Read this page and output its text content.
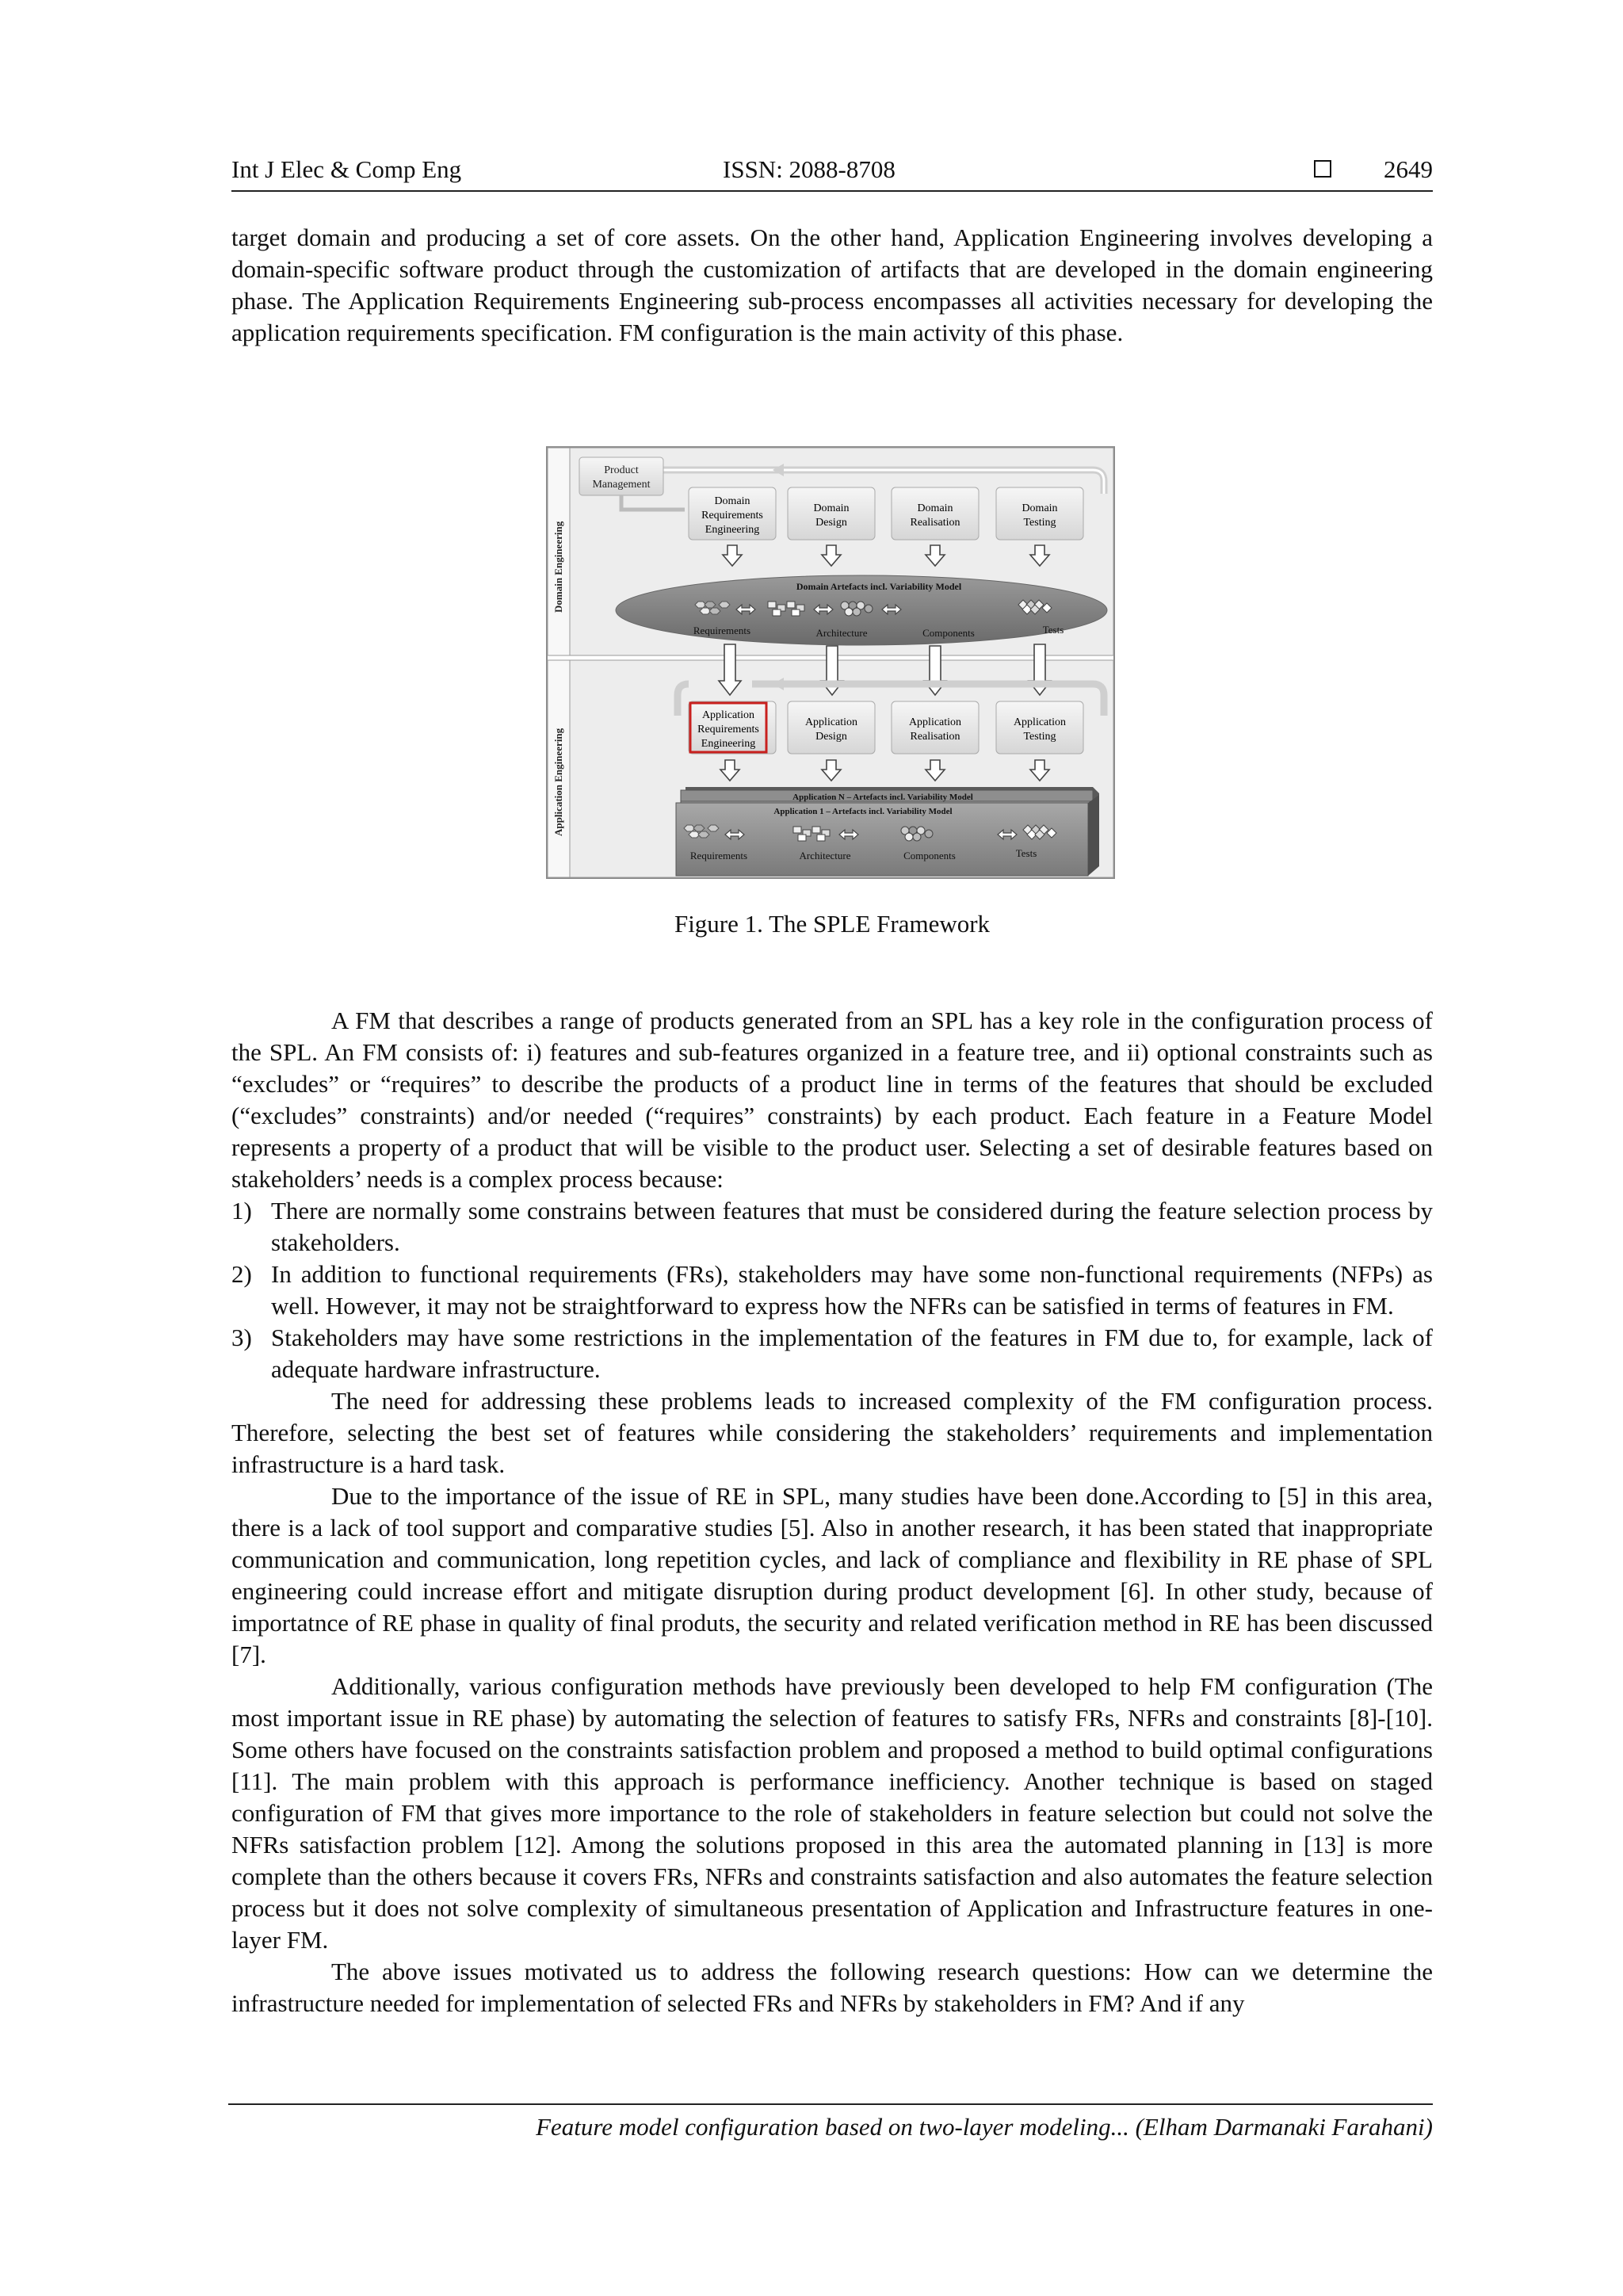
Int J Elec & Comp Eng	ISSN: 2088-8708	2649

target domain and producing a set of core assets. On the other hand, Application Engineering involves developing a domain-specific software product through the customization of artifacts that are developed in the domain engineering phase. The Application Requirements Engineering sub-process encompasses all activities necessary for developing the application requirements specification. FM configuration is the main activity of this phase.

Domain Engineering
Product
Management
Domain
Requirements
Engineering
Domain
Design
Domain
Realisation
Domain
Testing
Domain Artefacts incl. Variability Model
Requirements	Architecture	Components	Tests
Application Engineering
Application
Requirements
Engineering
Application
Design
Application
Realisation
Application
Testing
Application N – Artefacts incl. Variability Model
Application 1 – Artefacts incl. Variability Model
Requirements	Architecture	Components	Tests
Figure 1. The SPLE Framework

A FM that describes a range of products generated from an SPL has a key role in the configuration process of the SPL. An FM consists of: i) features and sub-features organized in a feature tree, and ii) optional constraints such as “excludes” or “requires” to describe the products of a product line in terms of the features that should be excluded (“excludes” constraints) and/or needed (“requires” constraints) by each product. Each feature in a Feature Model represents a property of a product that will be visible to the product user. Selecting a set of desirable features based on stakeholders’ needs is a complex process because:

1) There are normally some constrains between features that must be considered during the feature selection process by stakeholders.
2) In addition to functional requirements (FRs), stakeholders may have some non-functional requirements (NFPs) as well. However, it may not be straightforward to express how the NFRs can be satisfied in terms of features in FM.
3) Stakeholders may have some restrictions in the implementation of the features in FM due to, for example, lack of adequate hardware infrastructure.

The need for addressing these problems leads to increased complexity of the FM configuration process. Therefore, selecting the best set of features while considering the stakeholders’ requirements and implementation infrastructure is a hard task.

Due to the importance of the issue of RE in SPL, many studies have been done.According to [5] in this area, there is a lack of tool support and comparative studies [5]. Also in another research, it has been stated that inappropriate communication and communication, long repetition cycles, and lack of compliance and flexibility in RE phase of SPL engineering could increase effort and mitigate disruption during product development [6]. In other study, because of importatnce of RE phase in quality of final produts, the security and related verification method in RE has been discussed [7].

Additionally, various configuration methods have previously been developed to help FM configuration (The most important issue in RE phase) by automating the selection of features to satisfy FRs, NFRs and constraints [8]-[10]. Some others have focused on the constraints satisfaction problem and proposed a method to build optimal configurations [11]. The main problem with this approach is performance inefficiency. Another technique is based on staged configuration of FM that gives more importance to the role of stakeholders in feature selection but could not solve the NFRs satisfaction problem [12]. Among the solutions proposed in this area the automated planning in [13] is more complete than the others because it covers FRs, NFRs and constraints satisfaction and also automates the feature selection process but it does not solve complexity of simultaneous presentation of Application and Infrastructure features in one-layer FM.

The above issues motivated us to address the following research questions: How can we determine the infrastructure needed for implementation of selected FRs and NFRs by stakeholders in FM? And if any

Feature model configuration based on two-layer modeling... (Elham Darmanaki Farahani)
